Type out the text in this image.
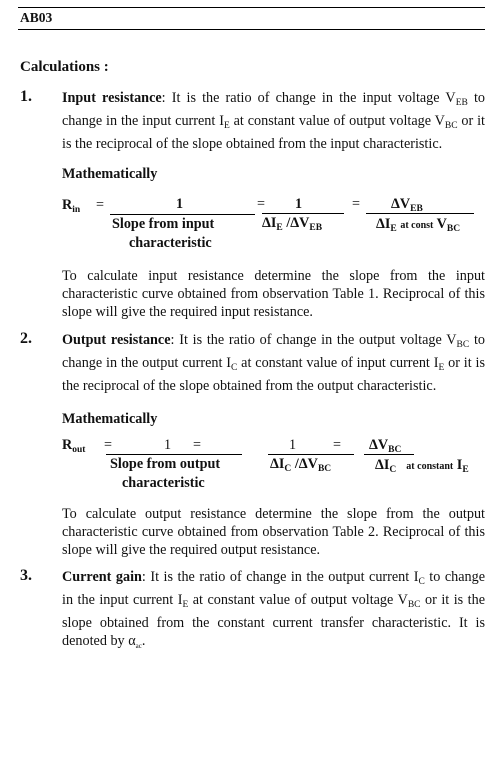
AB03
Calculations :
1. Input resistance: It is the ratio of change in the input voltage $V_{EB}$ to change in the input current $I_E$ at constant value of output voltage $V_{BC}$ or it is the reciprocal of the slope obtained from the input characteristic.
Mathematically
$R_{in}$ =	1
Slope from input
characteristic
= 1
$\Delta I_E$ $/\Delta V_{EB}$
= $\Delta V_{EB}$
$\Delta I_E$ at const $V_{BC}$
To calculate input resistance determine the slope from the input characteristic curve obtained from observation Table 1. Reciprocal of this slope will give the required input resistance.
2. Output resistance: It is the ratio of change in the output voltage $V_{BC}$ to change in the output current $I_C$ at constant value of input current $I_E$ or it is the reciprocal of the slope obtained from the output characteristic.
Mathematically
$R_{out}$ =	1 =
Slope from output
characteristic
1	=
$\Delta I_C$ $/\Delta V_{BC}$
$\Delta V_{BC}$
$\Delta I_C$ at constant $I_E$
To calculate output resistance determine the slope from the output characteristic curve obtained from observation Table 2. Reciprocal of this slope will give the required output resistance.
3. Current gain: It is the ratio of change in the output current $I_C$ to change in the input current $I_E$ at constant value of output voltage $V_{BC}$ or it is the slope obtained from the constant current transfer characteristic. It is denoted by $\alpha_{ac}$.
